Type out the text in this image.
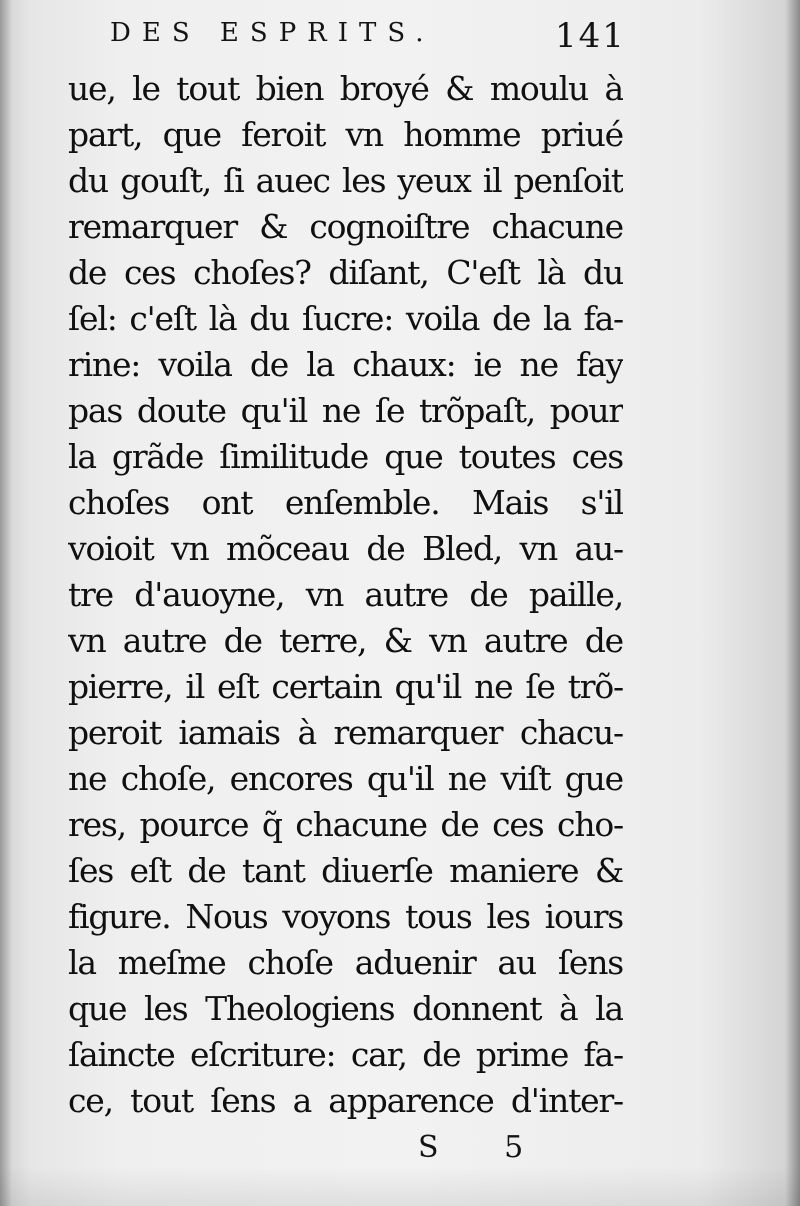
DES ESPRITS.	141
ue, le tout bien broyé & moulu à
part, que feroit vn homme priué
du gouſt, ſi auec les yeux il penſoit
remarquer & cognoiſtre chacune
de ces choſes? diſant, C'eſt là du
ſel: c'eſt là du ſucre: voila de la fa-
rine: voila de la chaux: ie ne fay
pas doute qu'il ne ſe trõpaſt, pour
la grãde ſimilitude que toutes ces
choſes ont enſemble. Mais s'il
voioit vn mõceau de Bled, vn au-
tre d'auoyne, vn autre de paille,
vn autre de terre, & vn autre de
pierre, il eſt certain qu'il ne ſe trõ-
peroit iamais à remarquer chacu-
ne choſe, encores qu'il ne viſt gue
res, pource q̃ chacune de ces cho-
ſes eſt de tant diuerſe maniere &
figure. Nous voyons tous les iours
la meſme choſe aduenir au ſens
que les Theologiens donnent à la
ſaincte eſcriture: car, de prime fa-
ce, tout ſens a apparence d'inter-
S 5
